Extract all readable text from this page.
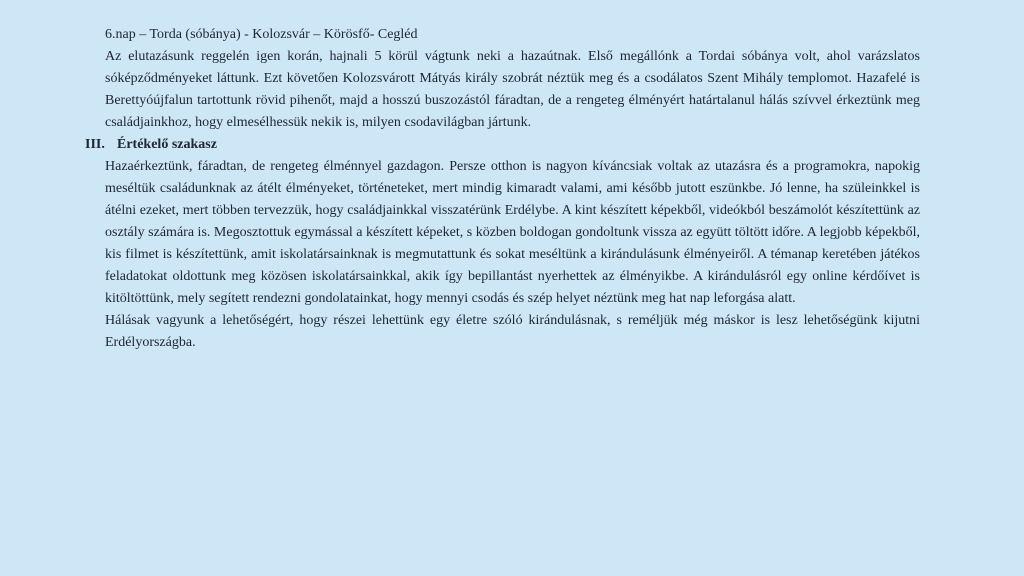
6.nap – Torda (sóbánya) - Kolozsvár – Körösfő- Cegléd

Az elutazásunk reggelén igen korán, hajnali 5 körül vágtunk neki a hazaútnak. Első megállónk a Tordai sóbánya volt, ahol varázslatos sóképződményeket láttunk. Ezt követően Kolozsvárott Mátyás király szobrát néztük meg és a csodálatos Szent Mihály templomot. Hazafelé is Berettyóújfalun tartottunk rövid pihenőt, majd a hosszú buszozástól fáradtan, de a rengeteg élményért határtalanul hálás szívvel érkeztünk meg családjainkhoz, hogy elmesélhessük nekik is, milyen csodavilágban jártunk.

III. Értékelő szakasz

Hazaérkeztünk, fáradtan, de rengeteg élménnyel gazdagon. Persze otthon is nagyon kíváncsiak voltak az utazásra és a programokra, napokig meséltük családunknak az átélt élményeket, történeteket, mert mindig kimaradt valami, ami később jutott eszünkbe. Jó lenne, ha szüleinkkel is átélni ezeket, mert többen tervezzük, hogy családjainkkal visszatérünk Erdélybe. A kint készített képekből, videókból beszámolót készítettünk az osztály számára is. Megosztottuk egymással a készített képeket, s közben boldogan gondoltunk vissza az együtt töltött időre. A legjobb képekből, kis filmet is készítettünk, amit iskolatársainknak is megmutattunk és sokat meséltünk a kirándulásunk élményeiről. A témanap keretében játékos feladatokat oldottunk meg közösen iskolatársainkkal, akik így bepillantást nyerhettek az élményikbe. A kirándulásról egy online kérdőívet is kitöltöttünk, mely segített rendezni gondolatainkat, hogy mennyi csodás és szép helyet néztünk meg hat nap leforgása alatt.

Hálásak vagyunk a lehetőségért, hogy részei lehettünk egy életre szóló kirándulásnak, s reméljük még máskor is lesz lehetőségünk kijutni Erdélyországba.
